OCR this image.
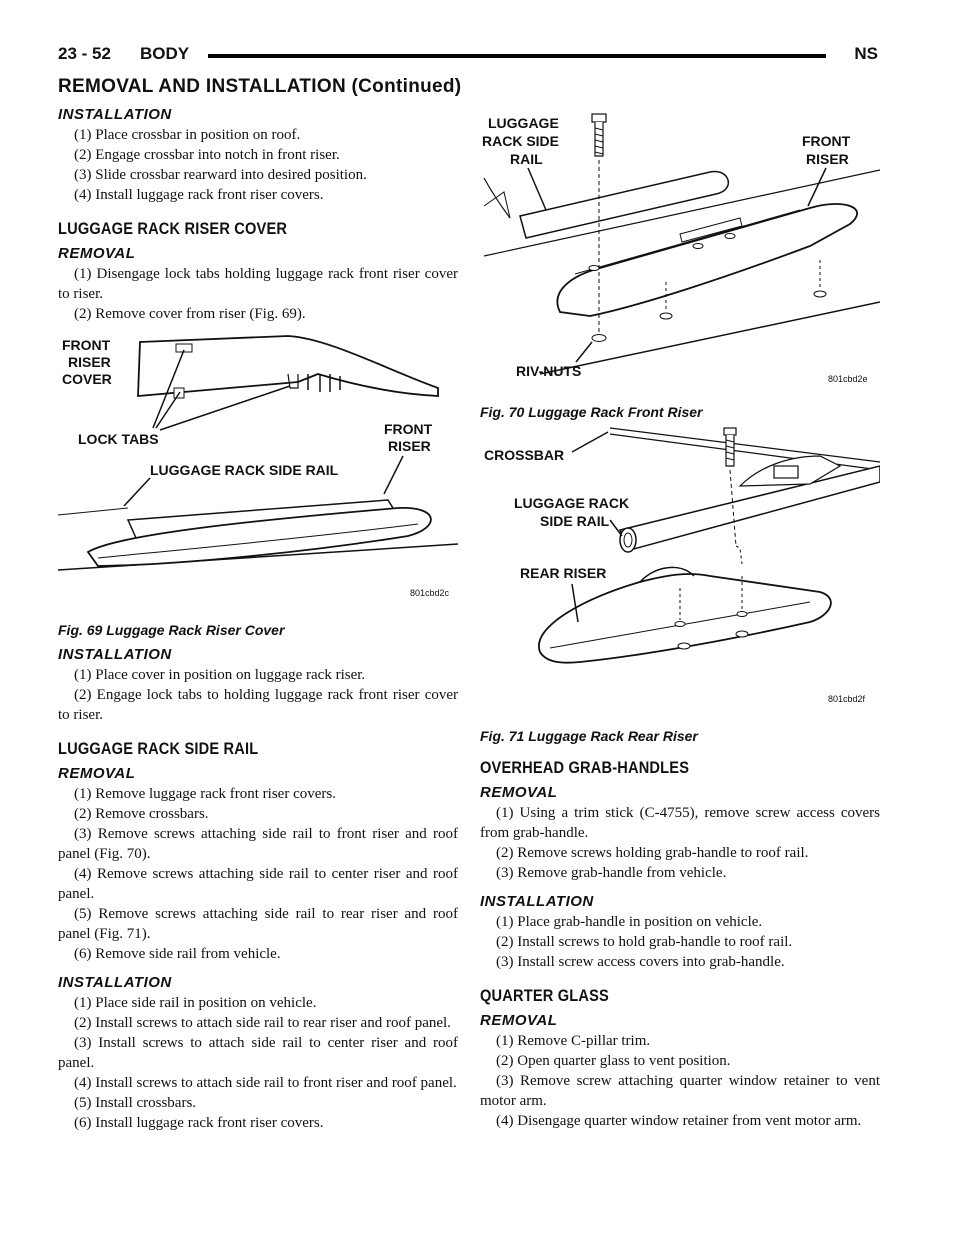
23 - 52 BODY	NS
REMOVAL AND INSTALLATION (Continued)
INSTALLATION

(1) Place crossbar in position on roof.

(2) Engage crossbar into notch in front riser.

(3) Slide crossbar rearward into desired position.

(4) Install luggage rack front riser covers.

LUGGAGE RACK RISER COVER
REMOVAL

(1) Disengage lock tabs holding luggage rack front riser cover to riser.

(2) Remove cover from riser (Fig. 69).

FRONT
RISER
COVER
LOCK TABS
FRONT
RISER
LUGGAGE RACK SIDE RAIL
801cbd2c
Fig. 69 Luggage Rack Riser Cover
INSTALLATION

(1) Place cover in position on luggage rack riser.

(2) Engage lock tabs to holding luggage rack front riser cover to riser.

LUGGAGE RACK SIDE RAIL
REMOVAL

(1) Remove luggage rack front riser covers.

(2) Remove crossbars.

(3) Remove screws attaching side rail to front riser and roof panel (Fig. 70).

(4) Remove screws attaching side rail to center riser and roof panel.

(5) Remove screws attaching side rail to rear riser and roof panel (Fig. 71).

(6) Remove side rail from vehicle.

INSTALLATION

(1) Place side rail in position on vehicle.

(2) Install screws to attach side rail to rear riser and roof panel.

(3) Install screws to attach side rail to center riser and roof panel.

(4) Install screws to attach side rail to front riser and roof panel.

(5) Install crossbars.

(6) Install luggage rack front riser covers.

LUGGAGE
RACK SIDE
RAIL
FRONT
RISER
RIV-NUTS	801cbd2e
Fig. 70 Luggage Rack Front Riser
CROSSBAR
LUGGAGE RACK
SIDE RAIL
REAR RISER
801cbd2f
Fig. 71 Luggage Rack Rear Riser
OVERHEAD GRAB-HANDLES
REMOVAL

(1) Using a trim stick (C-4755), remove screw access covers from grab-handle.

(2) Remove screws holding grab-handle to roof rail.

(3) Remove grab-handle from vehicle.

INSTALLATION

(1) Place grab-handle in position on vehicle.

(2) Install screws to hold grab-handle to roof rail.

(3) Install screw access covers into grab-handle.

QUARTER GLASS
REMOVAL

(1) Remove C-pillar trim.

(2) Open quarter glass to vent position.

(3) Remove screw attaching quarter window retainer to vent motor arm.

(4) Disengage quarter window retainer from vent motor arm.
